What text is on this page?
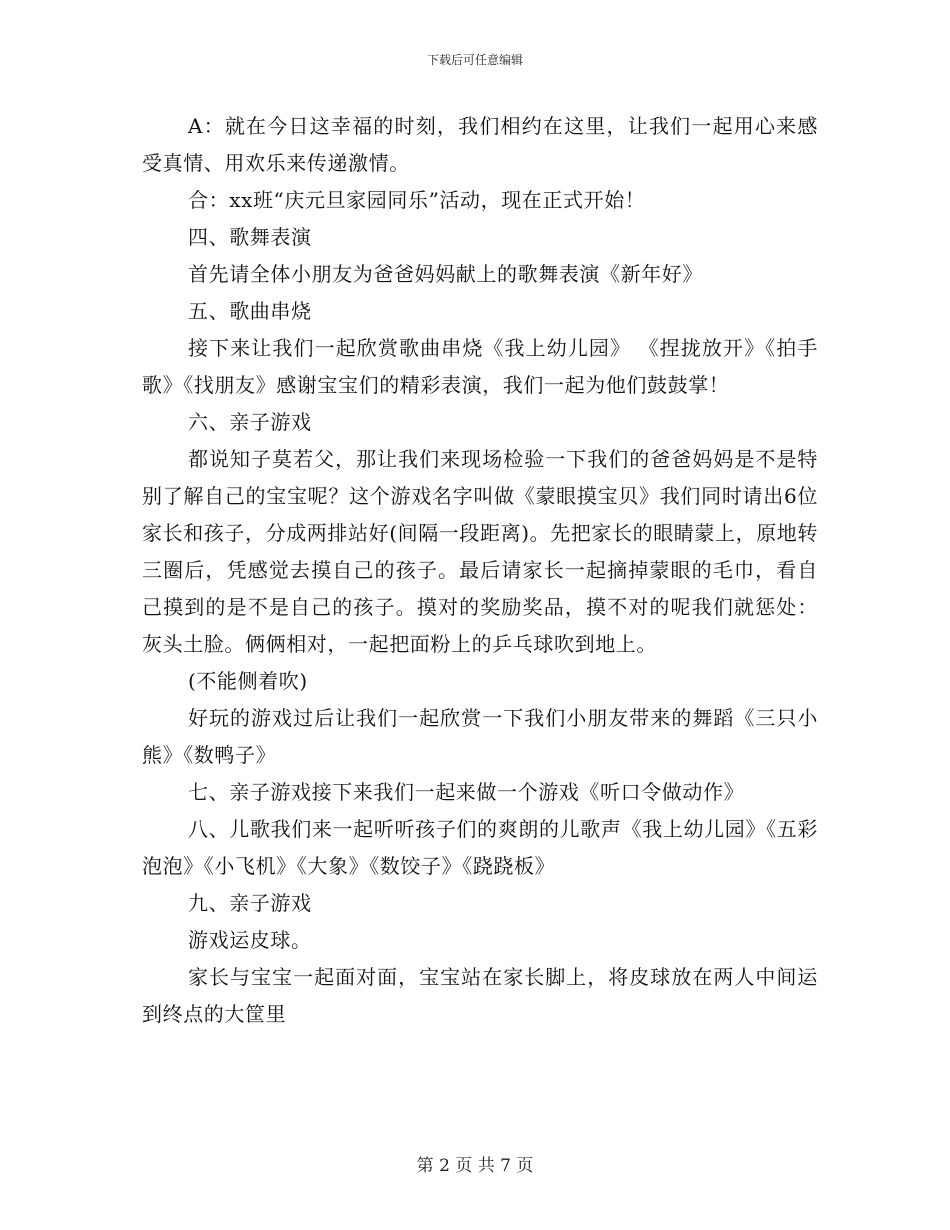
下载后可任意编辑

A：就在今日这幸福的时刻，我们相约在这里，让我们一起用心来感受真情、用欢乐来传递激情。

合：xx班“庆元旦家园同乐”活动，现在正式开始！

四、歌舞表演

首先请全体小朋友为爸爸妈妈献上的歌舞表演《新年好》

五、歌曲串烧

接下来让我们一起欣赏歌曲串烧《我上幼儿园》 《捏拢放开》《拍手歌》《找朋友》感谢宝宝们的精彩表演，我们一起为他们鼓鼓掌！

六、亲子游戏

都说知子莫若父，那让我们来现场检验一下我们的爸爸妈妈是不是特别了解自己的宝宝呢？这个游戏名字叫做《蒙眼摸宝贝》我们同时请出6位家长和孩子，分成两排站好(间隔一段距离)。先把家长的眼睛蒙上，原地转三圈后，凭感觉去摸自己的孩子。最后请家长一起摘掉蒙眼的毛巾，看自己摸到的是不是自己的孩子。摸对的奖励奖品，摸不对的呢我们就惩处：灰头土脸。俩俩相对，一起把面粉上的乒乓球吹到地上。

(不能侧着吹)

好玩的游戏过后让我们一起欣赏一下我们小朋友带来的舞蹈《三只小熊》《数鸭子》

七、亲子游戏接下来我们一起来做一个游戏《听口令做动作》

八、儿歌我们来一起听听孩子们的爽朗的儿歌声《我上幼儿园》《五彩泡泡》《小飞机》《大象》《数饺子》《跷跷板》

九、亲子游戏

游戏运皮球。

家长与宝宝一起面对面，宝宝站在家长脚上，将皮球放在两人中间运到终点的大筐里

第 2 页 共 7 页
